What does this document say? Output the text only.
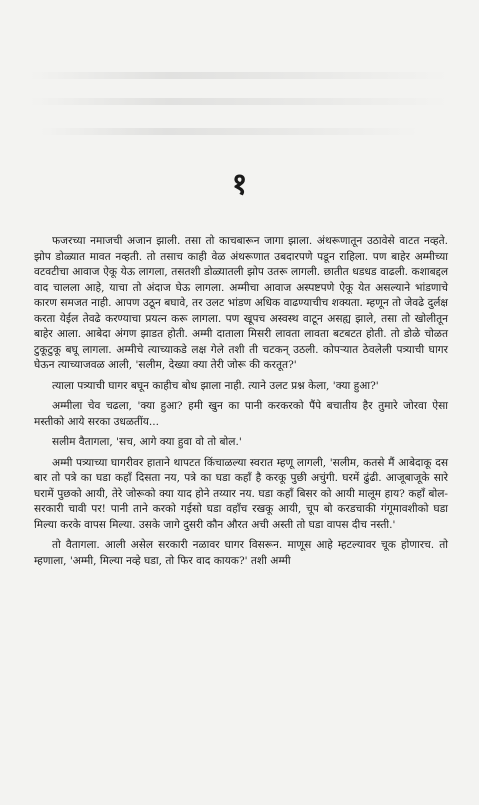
१

फजरच्या नमाजची अजान झाली. तसा तो काचबारून जागा झाला. अंथरूणातून उठावेसे वाटत नव्हते. झोप डोळ्यात मावत नव्हती. तो तसाच काही वेळ अंथरूणात उबदारपणे पडून राहिला. पण बाहेर अम्मीच्या वटवटीचा आवाज ऐकू येऊ लागला, तसतशी डोळ्यातली झोप उतरू लागली. छातीत धडधड वाढली. कशाबद्दल वाद चालला आहे, याचा तो अंदाज घेऊ लागला. अम्मीचा आवाज अस्पष्टपणे ऐकू येत असल्याने भांडणाचे कारण समजत नाही. आपण उठून बघावे, तर उलट भांडण अधिक वाढण्याचीच शक्यता. म्हणून तो जेवढे दुर्लक्ष करता येईल तेवढे करण्याचा प्रयत्न करू लागला. पण खूपच अस्वस्थ वाटून असह्य झाले, तसा तो खोलीतून बाहेर आला. आबेदा अंगण झाडत होती. अम्मी दाताला मिसरी लावता लावता बटबटत होती. तो डोळे चोळत टुकूटुकू बघू लागला. अम्मीचे त्याच्याकडे लक्ष गेले तशी ती चटकन् उठली. कोपऱ्यात ठेवलेली पत्र्याची घागर घेऊन त्याच्याजवळ आली, 'सलीम, देख्या क्या तेरी जोरू की करतूत?'

त्याला पत्र्याची घागर बघून काहीच बोध झाला नाही. त्याने उलट प्रश्न केला, 'क्या हुआ?'

अम्मीला चेव चढला, 'क्या हुआ? हमी खुन का पानी करकरको पैंपे बचातीय हैर तुमारे जोरवा ऐसा मस्तीको आये सरका उधळतींय...

सलीम वैतागला, 'सच, आगे क्या हुवा वो तो बोल.'

अम्मी पत्र्याच्या घागरीवर हाताने थापटत किंचाळल्या स्वरात म्हणू लागली, 'सलीम, कतसे मैं आबेदाकू दस बार तो पत्रे का घडा कहाँ दिसता नय, पत्रे का घडा कहाँ है करकू पुछी अचुंगी. घरमें ढुंढी. आजूबाजूके सारे घरामें पुछको आयी, तेरे जोरूको क्या याद होने तय्यार नय. घडा कहाँ बिसर को आयी मालूम हाय? कहाँ बोल-सरकारी चावी पर! पानी ताने करको गईसो घडा वहाँच रखकू आयी, चूप बो करडचाकी गंगूमावशीको घडा मिल्या करके वापस मिल्या. उसके जागे दुसरी कौन औरत अची अस्ती तो घडा वापस दीच नस्ती.'

तो वैतागला. आली असेल सरकारी नळावर घागर विसरून. माणूस आहे म्हटल्यावर चूक होणारच. तो म्हणाला, 'अम्मी, मिल्या नव्हे घडा, तो फिर वाद कायक?' तशी अम्मी
